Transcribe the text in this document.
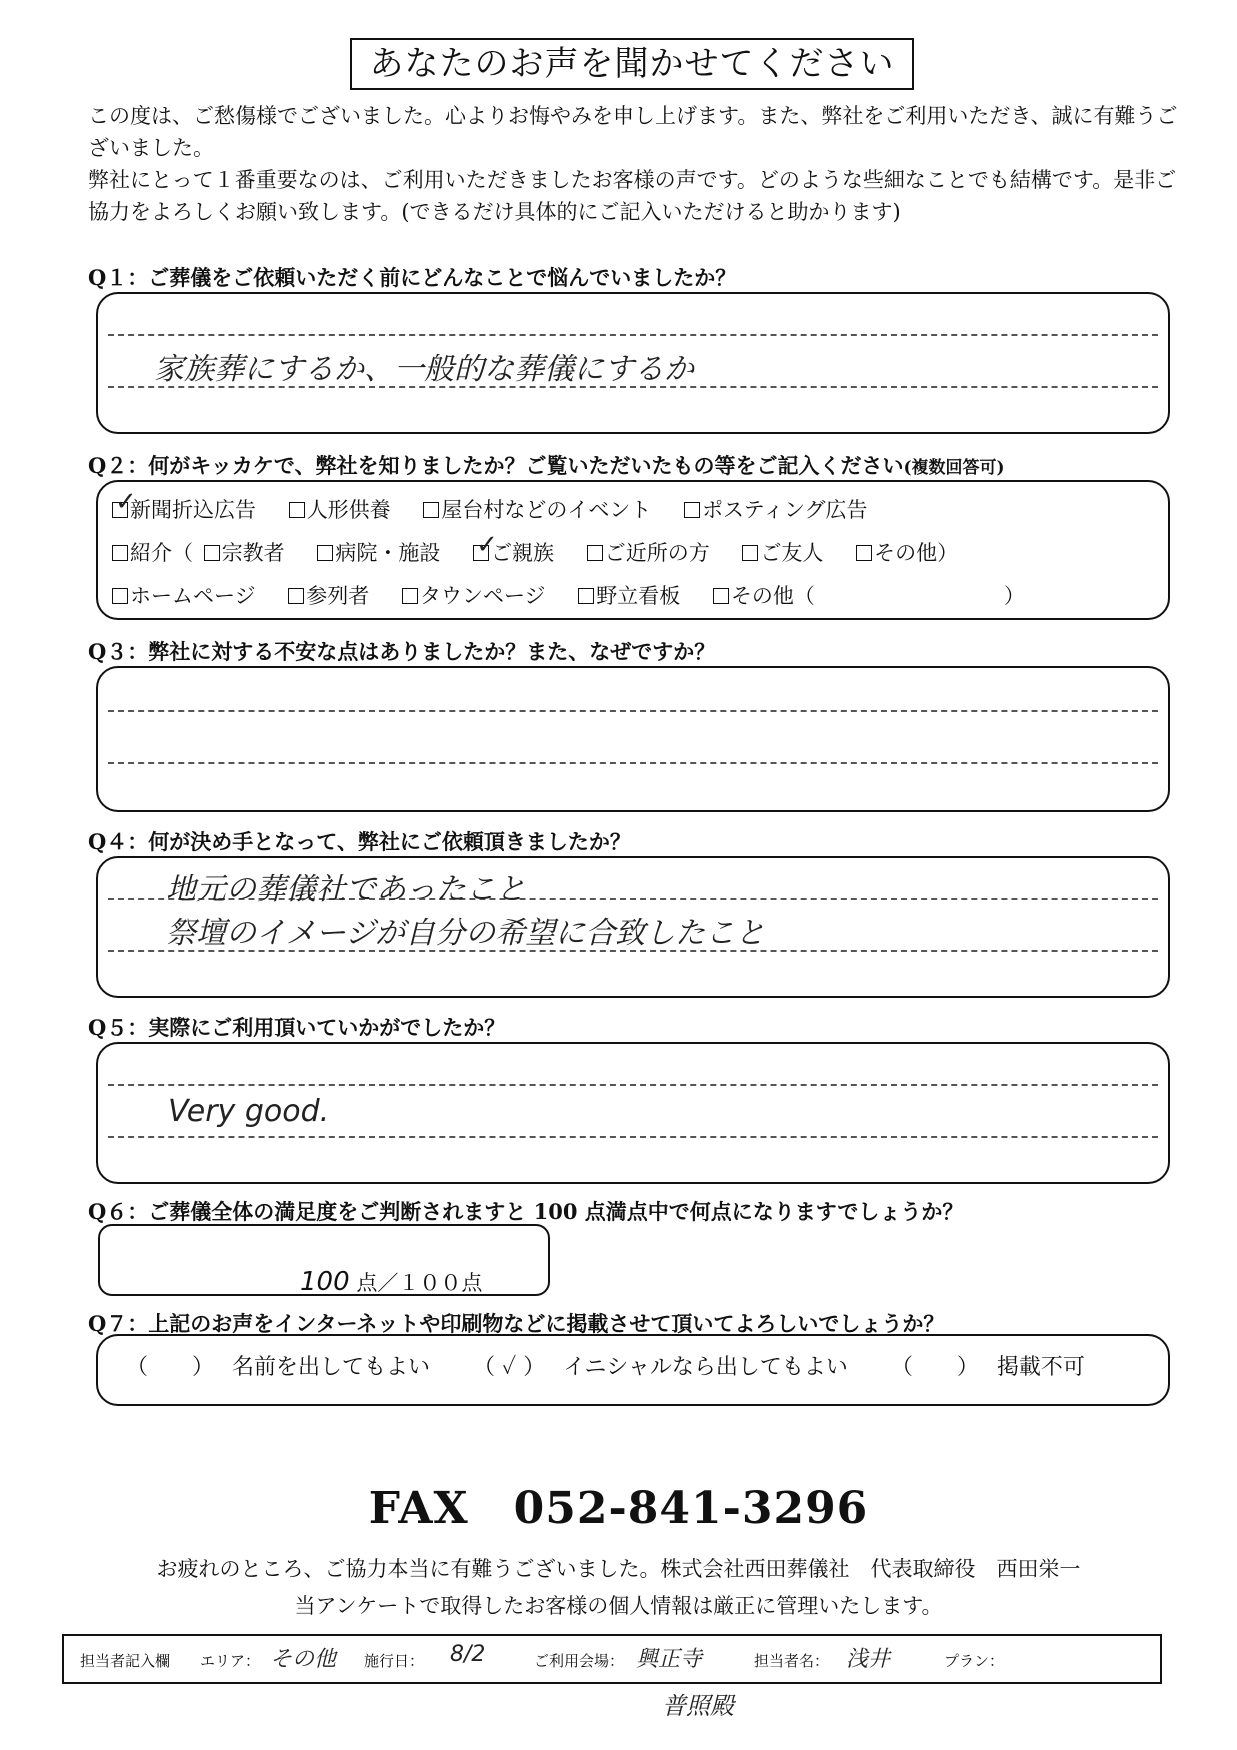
あなたのお声を聞かせてください

この度は、ご愁傷様でございました。心よりお悔やみを申し上げます。また、弊社をご利用いただき、誠に有難うございました。

弊社にとって１番重要なのは、ご利用いただきましたお客様の声です。どのような些細なことでも結構です。是非ご協力をよろしくお願い致します。(できるだけ具体的にご記入いただけると助かります)

Q１：ご葬儀をご依頼いただく前にどんなことで悩んでいましたか？
家族葬にするか、一般的な葬儀にするか
Q２：何がキッカケで、弊社を知りましたか？ご覧いただいたもの等をご記入ください(複数回答可)
✓
新聞折込広告 人形供養 屋台村などのイベント ポスティング広告
紹介（ 宗教者 病院・施設 ✓
ご親族 ご近所の方 ご友人 その他）
ホームページ 参列者 タウンページ 野立看板 その他（　　　　　　　　　）
Q３：弊社に対する不安な点はありましたか？また、なぜですか？
Q４：何が決め手となって、弊社にご依頼頂きましたか？
地元の葬儀社であったこと
祭壇のイメージが自分の希望に合致したこと
Q５：実際にご利用頂いていかがでしたか？
Very good.
Q６：ご葬儀全体の満足度をご判断されますと 100 点満点中で何点になりますでしょうか？
100 点／１００点
Q７：上記のお声をインターネットや印刷物などに掲載させて頂いてよろしいでしょうか？
（　　） 名前を出してもよい （ ✓ ） イニシャルなら出してもよい （　　） 掲載不可
FAX　052-841-3296
お疲れのところ、ご協力本当に有難うございました。株式会社西田葬儀社　代表取締役　西田栄一
当アンケートで取得したお客様の個人情報は厳正に管理いたします。
担当者記入欄 エリア： その他 施行日： 8/2	ご利用会場： 興正寺	担当者名： 浅井	プラン：
普照殿
